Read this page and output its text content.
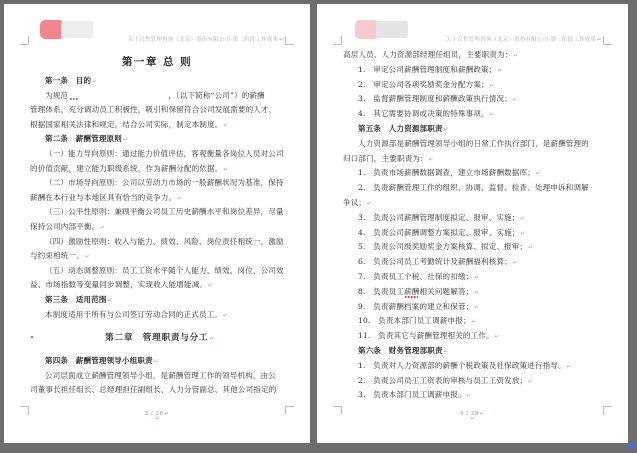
关于汉哲管理咨询（北京）股份有限公司-第二阶段工作成果↵
第一章 总 则
第一条　目的↵
为规范	，（以下简称“公司”）的薪酬
管理体系，充分调动员工积极性，吸引和保留符合公司发展需要的人才，
根据国家相关法律和规定，结合公司实际，制定本制度。↵
第二条　薪酬管理原则↵
（一）能力导向原则：通过能力价值评估，客观衡量各岗位人员对公司
的价值贡献，建立能力职级系统，作为薪酬分配的依据。↵
（二）市场导向原则：公司以劳动力市场的一般薪酬状况为基准，保持
薪酬在本行业与本地区具有恰当的竞争力。↵
（三）公平性原则：兼顾平衡公司员工历史薪酬水平和岗位差异，尽量
保持公司内部平衡。↵
（四）激励性原则：收入与能力、绩效、风险、岗位责任相统一，激励
与约束相统一。↵
（五）动态调整原则：员工工资水平随个人能力、绩效、岗位、公司效
益、市场指数等变量同步调整，实现收入能增能减。↵
第三条　适用范围↵
本制度适用于所有与公司签订劳动合同的正式员工。↵
第二章　管理职责与分工↵
第四条　薪酬管理领导小组职责↵
公司层面成立薪酬管理领导小组，是薪酬管理工作的领导机构，由公
司董事长担任组长、总经理担任副组长、人力分管副总、其他公司指定的
3 / 28↵
↵
关于汉哲管理咨询（北京）股份有限公司-第二阶段工作成果↵
高层人员、人力资源部经理任组员，主要职责为：↵
1.　审定公司薪酬管理制度和薪酬政策；↵
2.　审定公司各项奖励奖金分配方案；↵
3.　监督薪酬管理制度和薪酬政策执行情况；↵
4.　其它需要协调或决策的特殊事项。↵
第五条　人力资源部职责↵
人力资源部是薪酬管理领导小组的日常工作执行部门，是薪酬管理的
归口部门，主要职责为：↵
1.　负责市场薪酬数据调查，建立市场薪酬数据库；↵
2.　负责薪酬管理工作的组织、协调、监督、检查、处理申诉和调解
争议；↵
3.　负责公司薪酬管理制度拟定、报审、实施；↵
4.　负责公司薪酬调整方案拟定、报审、实施；↵
5.　负责公司级奖励奖金方案核算、拟定、报审；↵
6.　负责公司员工考勤统计及薪酬福利核算；↵
7.　负责员工个税、社保的扣缴；↵
8.　负责员工薪酬相关问题解答；↵
9.　负责薪酬档案的建立和保管；↵
10.　负责本部门员工调薪申报；↵
11.　负责其它与薪酬管理相关的工作。↵
第六条　财务管理部职责↵
1.　负责对人力资源部的薪酬个税政策及社保政策进行指导。↵
2.　负责公司员工工资表的审核与员工工资发放；↵
3.　负责本部门员工调薪申报。↵
4 / 28↵
↵
